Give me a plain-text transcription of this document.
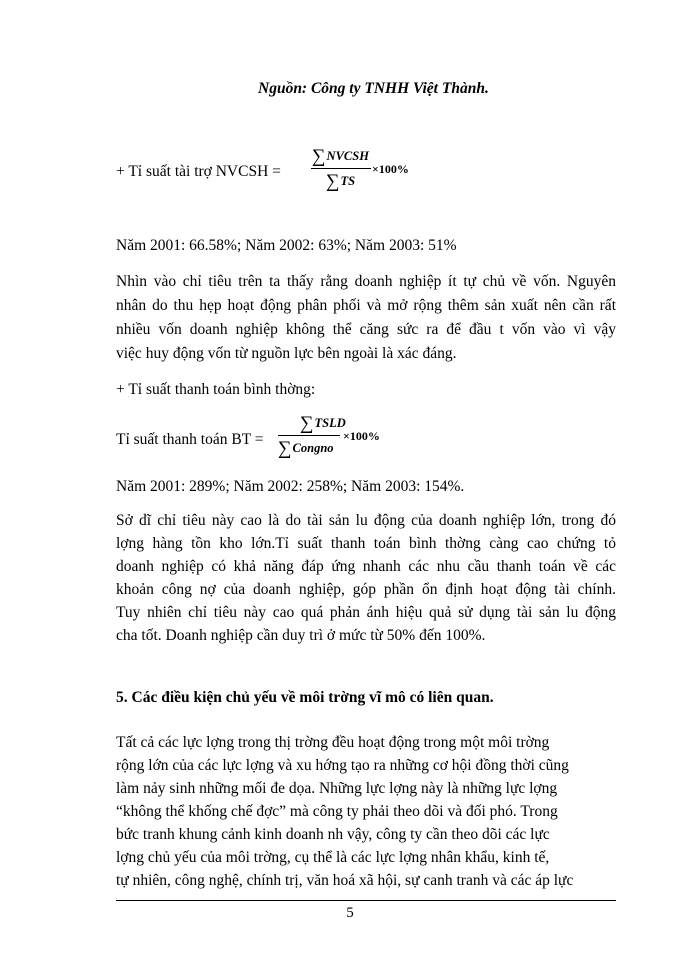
Nguồn: Công ty TNHH Việt Thành.
+ Tỉ suất tài trợ NVCSH =
∑NVCSH
∑TS
×100%
Năm 2001: 66.58%; Năm 2002: 63%; Năm 2003: 51%
Nhìn vào chỉ tiêu trên ta thấy rằng doanh nghiệp ít tự chủ về vốn. Nguyên
nhân do thu hẹp hoạt động phân phối và mở rộng thêm sản xuất nên cần rất
nhiều vốn doanh nghiệp không thể căng sức ra để đầu t vốn vào vì vậy
việc huy động vốn từ nguồn lực bên ngoài là xác đáng.
+ Tỉ suất thanh toán bình thờng:
Tỉ suất thanh toán BT =
∑TSLD
∑Congno
×100%
Năm 2001: 289%; Năm 2002: 258%; Năm 2003: 154%.
Sở dĩ chỉ tiêu này cao là do tài sản lu động của doanh nghiệp lớn, trong đó
lợng hàng tồn kho lớn.Tỉ suất thanh toán bình thờng càng cao chứng tỏ
doanh nghiệp có khả năng đáp ứng nhanh các nhu cầu thanh toán về các
khoản công nợ của doanh nghiệp, góp phần ổn định hoạt động tài chính.
Tuy nhiên chỉ tiêu này cao quá phản ánh hiệu quả sử dụng tài sản lu động
cha tốt. Doanh nghiệp cần duy trì ở mức từ 50% đến 100%.
5. Các điều kiện chủ yếu về môi trờng vĩ mô có liên quan.
Tất cả các lực lợng trong thị trờng đều hoạt động trong một môi trờng
rộng lớn của các lực lợng và xu hớng tạo ra những cơ hội đồng thời cũng
làm nảy sinh những mối đe dọa. Những lực lợng này là những lực lợng
“không thể khống chế đợc” mà công ty phải theo dõi và đối phó. Trong
bức tranh khung cảnh kinh doanh nh vậy, công ty cần theo dõi các lực
lợng chủ yếu của môi trờng, cụ thể là các lực lợng nhân khẩu, kinh tế,
tự nhiên, công nghệ, chính trị, văn hoá xã hội, sự canh tranh và các áp lực
5
